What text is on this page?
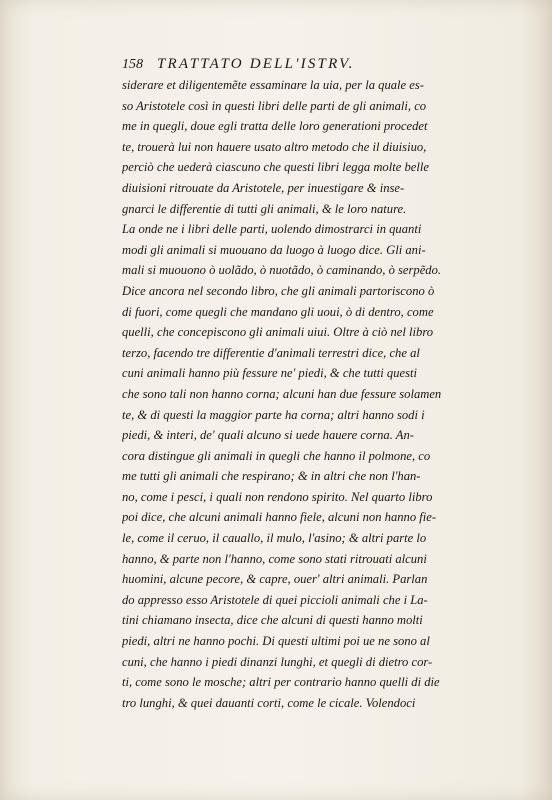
158 TRATTATO DELL'ISTRV.
siderare et diligentemẽte essaminare la uia, per la quale es-
so Aristotele così in questi libri delle parti de gli animali, co
me in quegli, doue egli tratta delle loro generationi procedet
te, trouerà lui non hauere usato altro metodo che il diuisiuo,
perciò che uederà ciascuno che questi libri legga molte belle
diuisioni ritrouate da Aristotele, per inuestigare & inse-
gnarci le differentie di tutti gli animali, & le loro nature.
La onde ne i libri delle parti, uolendo dimostrarci in quanti
modi gli animali si muouano da luogo à luogo dice. Gli ani-
mali si muouono ò uolãdo, ò nuotãdo, ò caminando, ò serpẽdo.
Dice ancora nel secondo libro, che gli animali partoriscono ò
di fuori, come quegli che mandano gli uoui, ò di dentro, come
quelli, che concepiscono gli animali uiui. Oltre à ciò nel libro
terzo, facendo tre differentie d'animali terrestri dice, che al
cuni animali hanno più fessure ne' piedi, & che tutti questi
che sono tali non hanno corna; alcuni han due fessure solamen
te, & di questi la maggior parte ha corna; altri hanno sodi i
piedi, & interi, de' quali alcuno si uede hauere corna. An-
cora distingue gli animali in quegli che hanno il polmone, co
me tutti gli animali che respirano; & in altri che non l'han-
no, come i pesci, i quali non rendono spirito. Nel quarto libro
poi dice, che alcuni animali hanno fiele, alcuni non hanno fie-
le, come il ceruo, il cauallo, il mulo, l'asino; & altri parte lo
hanno, & parte non l'hanno, come sono stati ritrouati alcuni
huomini, alcune pecore, & capre, ouer' altri animali. Parlan
do appresso esso Aristotele di quei piccioli animali che i La-
tini chiamano insecta, dice che alcuni di questi hanno molti
piedi, altri ne hanno pochi. Di questi ultimi poi ue ne sono al
cuni, che hanno i piedi dinanzi lunghi, et quegli di dietro cor-
ti, come sono le mosche; altri per contrario hanno quelli di die
tro lunghi, & quei dauanti corti, come le cicale. Volendoci
